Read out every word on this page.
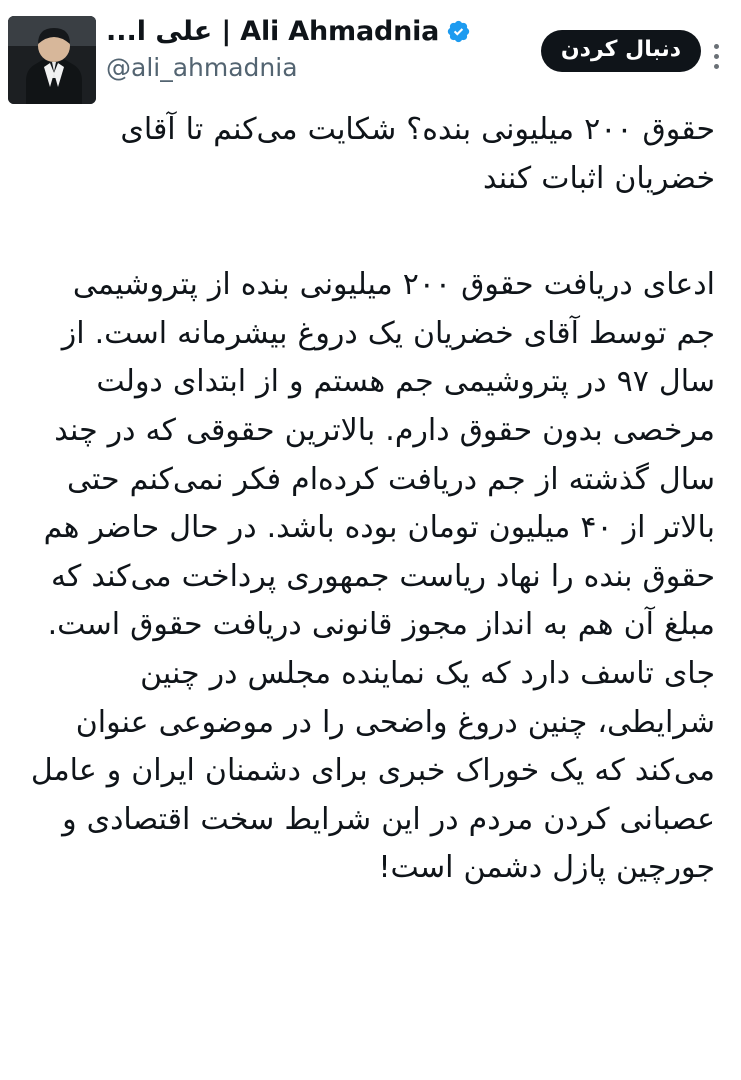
دنبال کردن
Ali Ahmadnia | علی ا...
@ali_ahmadnia

حقوق ۲۰۰ میلیونی بنده؟ شکایت می‌کنم تا آقای خضریان اثبات کنند

ادعای دریافت حقوق ۲۰۰ میلیونی بنده از پتروشیمی جم توسط آقای خضریان یک دروغ بیشرمانه است. از سال ۹۷ در پتروشیمی جم هستم و از ابتدای دولت مرخصی بدون حقوق دارم. بالاترین حقوقی که در چند سال گذشته از جم دریافت کرده‌ام فکر نمی‌کنم حتی بالاتر از ۴۰ میلیون تومان بوده باشد. در حال حاضر هم حقوق بنده را نهاد ریاست جمهوری پرداخت می‌کند که مبلغ آن هم به انداز مجوز قانونی دریافت حقوق است. جای تاسف دارد که یک نماینده مجلس در چنین شرایطی، چنین دروغ واضحی را در موضوعی عنوان می‌کند که یک خوراک خبری برای دشمنان ایران و عامل عصبانی کردن مردم در این شرایط سخت اقتصادی و جورچین پازل دشمن است!
